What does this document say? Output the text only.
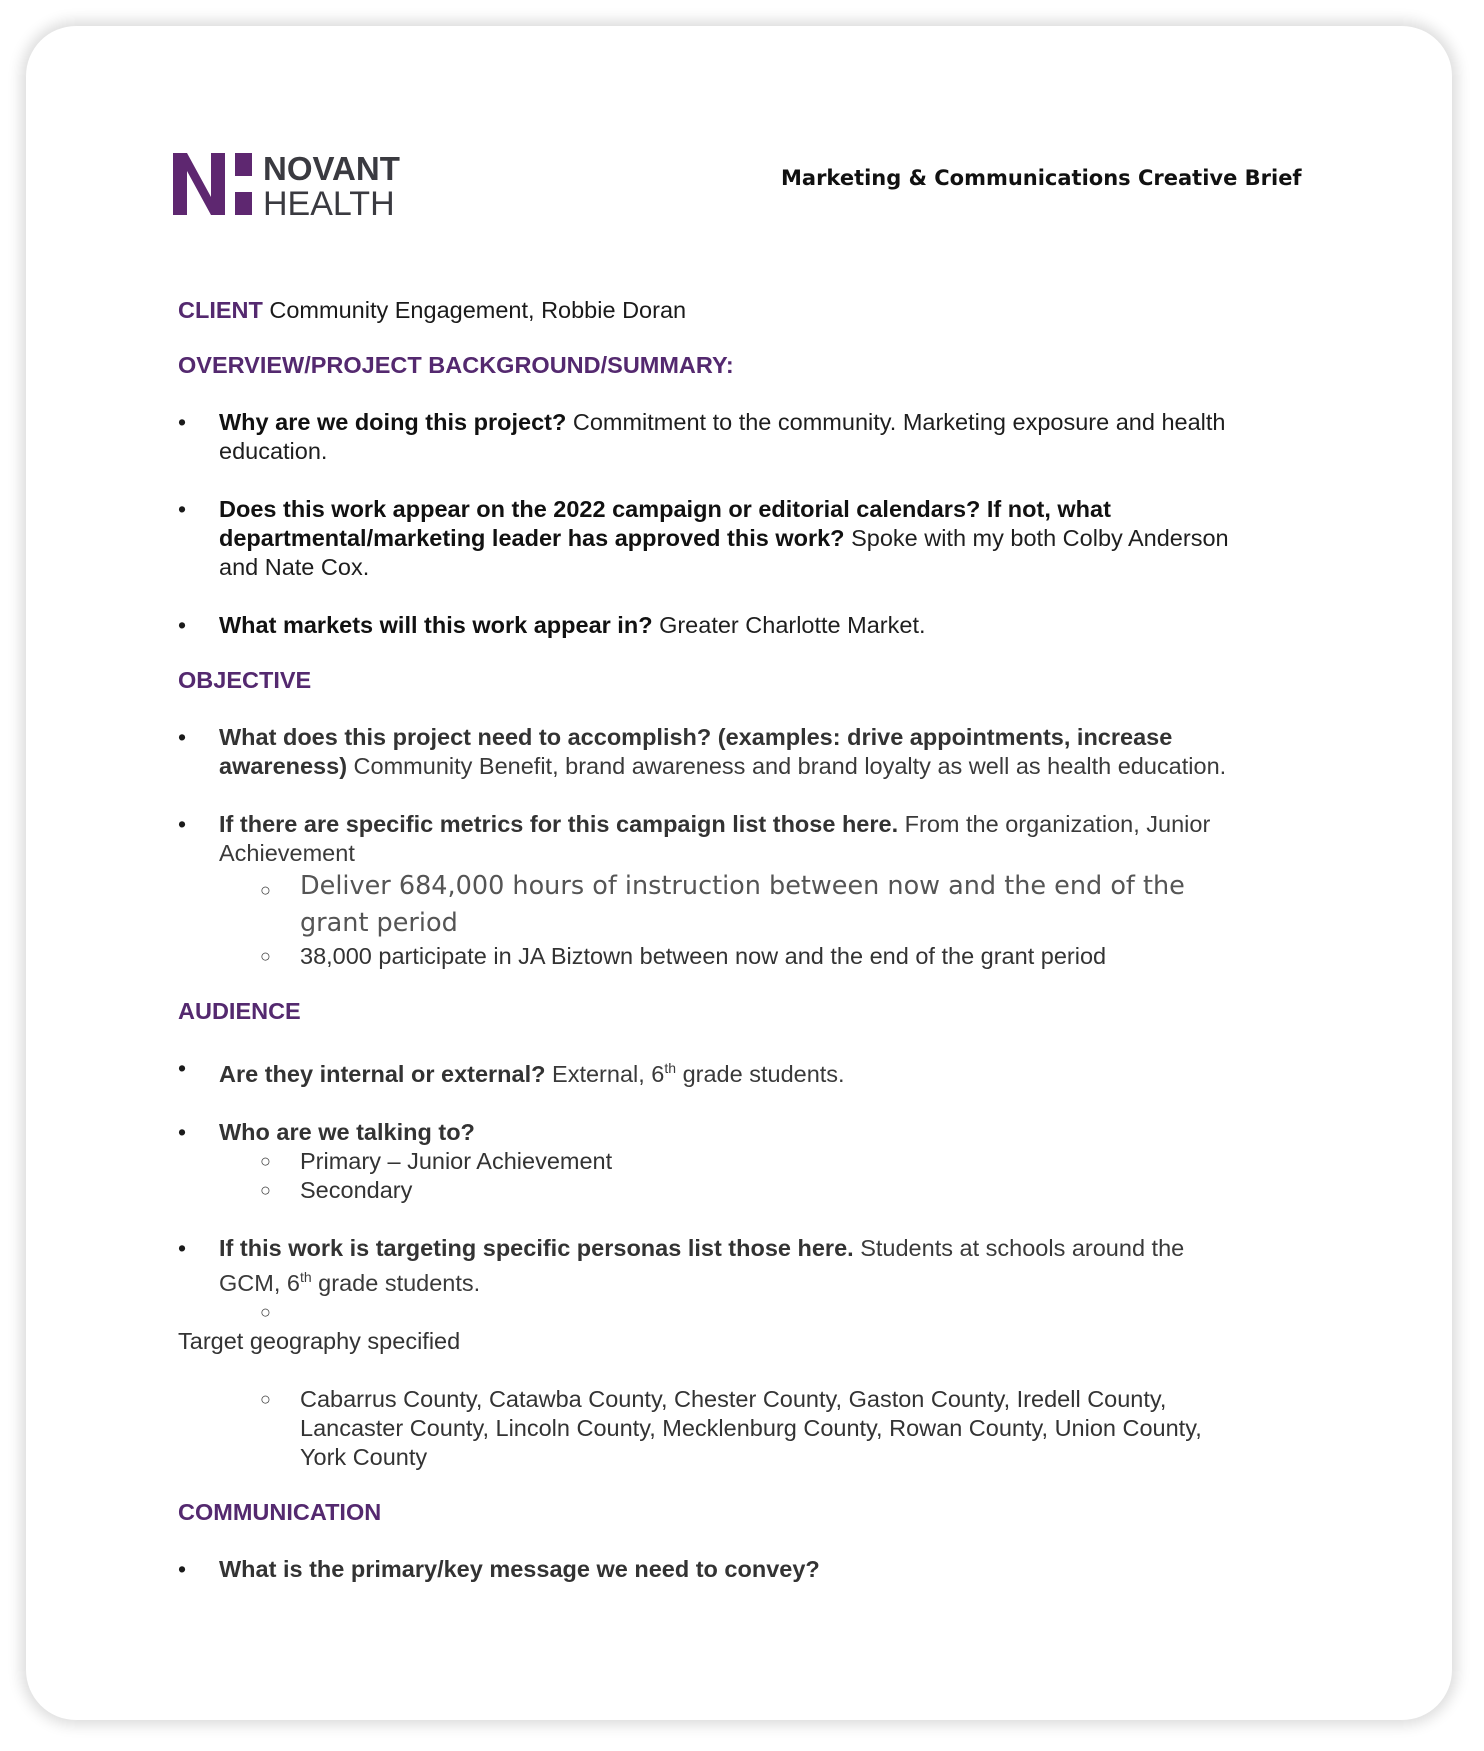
NOVANT
HEALTH
Marketing & Communications Creative Brief

CLIENT Community Engagement, Robbie Doran

OVERVIEW/PROJECT BACKGROUND/SUMMARY:
• Why are we doing this project? Commitment to the community. Marketing exposure and health education.
• Does this work appear on the 2022 campaign or editorial calendars? If not, what departmental/marketing leader has approved this work? Spoke with my both Colby Anderson and Nate Cox.
• What markets will this work appear in? Greater Charlotte Market.
OBJECTIVE
• What does this project need to accomplish? (examples: drive appointments, increase awareness) Community Benefit, brand awareness and brand loyalty as well as health education.
• If there are specific metrics for this campaign list those here. From the organization, Junior Achievement

○ Deliver 684,000 hours of instruction between now and the end of the grant period

○ 38,000 participate in JA Biztown between now and the end of the grant period

AUDIENCE
• Are they internal or external? External, 6th grade students.
• Who are we talking to?

○ Primary – Junior Achievement

○ Secondary

• If this work is targeting specific personas list those here. Students at schools around the GCM, 6th grade students.

○

Target geography specified

○ Cabarrus County, Catawba County, Chester County, Gaston County, Iredell County, Lancaster County, Lincoln County, Mecklenburg County, Rowan County, Union County, York County

COMMUNICATION
• What is the primary/key message we need to convey?
